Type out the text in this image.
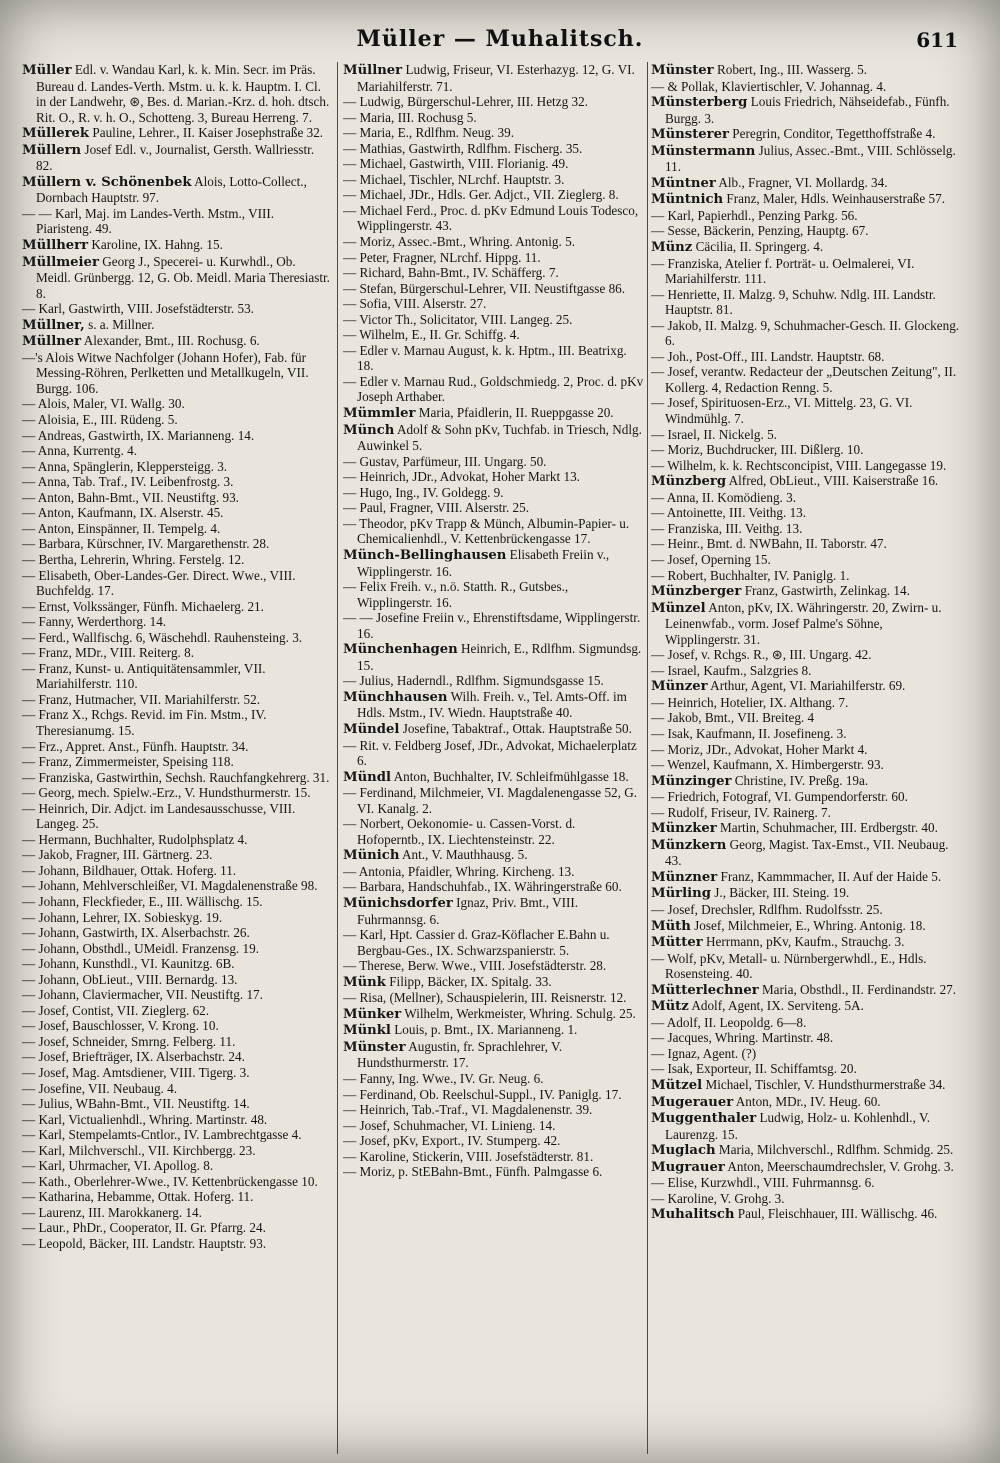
Müller — Muhalitsch.	611
Müller Edl. v. Wandau Karl, k. k. Min. Secr. im Präs. Bureau d. Landes-Verth. Mstm. u. k. k. Hauptm. I. Cl. in der Landwehr, ⊛, Bes. d. Marian.-Krz. d. hoh. dtsch. Rit. O., R. v. h. O., Schotteng. 3, Bureau Herreng. 7.
Müllerek Pauline, Lehrer., II. Kaiser Josephstraße 32.
Müllern Josef Edl. v., Journalist, Gersth. Wallriesstr. 82.
Müllern v. Schönenbek Alois, Lotto-Collect., Dornbach Hauptstr. 97.
— — Karl, Maj. im Landes-Verth. Mstm., VIII. Piaristeng. 49.
Müllherr Karoline, IX. Hahng. 15.
Müllmeier Georg J., Specerei- u. Kurwhdl., Ob. Meidl. Grünbergg. 12, G. Ob. Meidl. Maria Theresiastr. 8.
— Karl, Gastwirth, VIII. Josefstädterstr. 53.
Müllner, s. a. Millner.
Müllner Alexander, Bmt., III. Rochusg. 6.
—'s Alois Witwe Nachfolger (Johann Hofer), Fab. für Messing-Röhren, Perlketten und Metallkugeln, VII. Burgg. 106.
— Alois, Maler, VI. Wallg. 30.
— Aloisia, E., III. Rüdeng. 5.
— Andreas, Gastwirth, IX. Marianneng. 14.
— Anna, Kurrentg. 4.
— Anna, Spänglerin, Kleppersteigg. 3.
— Anna, Tab. Traf., IV. Leibenfrostg. 3.
— Anton, Bahn-Bmt., VII. Neustiftg. 93.
— Anton, Kaufmann, IX. Alserstr. 45.
— Anton, Einspänner, II. Tempelg. 4.
— Barbara, Kürschner, IV. Margarethenstr. 28.
— Bertha, Lehrerin, Whring. Ferstelg. 12.
— Elisabeth, Ober-Landes-Ger. Direct. Wwe., VIII. Buchfeldg. 17.
— Ernst, Volkssänger, Fünfh. Michaelerg. 21.
— Fanny, Werderthorg. 14.
— Ferd., Wallfischg. 6, Wäschehdl. Rauhensteing. 3.
— Franz, MDr., VIII. Reiterg. 8.
— Franz, Kunst- u. Antiquitätensammler, VII. Mariahilferstr. 110.
— Franz, Hutmacher, VII. Mariahilferstr. 52.
— Franz X., Rchgs. Revid. im Fin. Mstm., IV. Theresianumg. 15.
— Frz., Appret. Anst., Fünfh. Hauptstr. 34.
— Franz, Zimmermeister, Speising 118.
— Franziska, Gastwirthin, Sechsh. Rauchfangkehrerg. 31.
— Georg, mech. Spielw.-Erz., V. Hundsthurmerstr. 15.
— Heinrich, Dir. Adjct. im Landesausschusse, VIII. Langeg. 25.
— Hermann, Buchhalter, Rudolphsplatz 4.
— Jakob, Fragner, III. Gärtnerg. 23.
— Johann, Bildhauer, Ottak. Hoferg. 11.
— Johann, Mehlverschleißer, VI. Magdalenenstraße 98.
— Johann, Fleckfieder, E., III. Wällischg. 15.
— Johann, Lehrer, IX. Sobieskyg. 19.
— Johann, Gastwirth, IX. Alserbachstr. 26.
— Johann, Obsthdl., UMeidl. Franzensg. 19.
— Johann, Kunsthdl., VI. Kaunitzg. 6B.
— Johann, ObLieut., VIII. Bernardg. 13.
— Johann, Claviermacher, VII. Neustiftg. 17.
— Josef, Contist, VII. Zieglerg. 62.
— Josef, Bauschlosser, V. Krong. 10.
— Josef, Schneider, Smrng. Felberg. 11.
— Josef, Briefträger, IX. Alserbachstr. 24.
— Josef, Mag. Amtsdiener, VIII. Tigerg. 3.
— Josefine, VII. Neubaug. 4.
— Julius, WBahn-Bmt., VII. Neustiftg. 14.
— Karl, Victualienhdl., Whring. Martinstr. 48.
— Karl, Stempelamts-Cntlor., IV. Lambrechtgasse 4.
— Karl, Milchverschl., VII. Kirchbergg. 23.
— Karl, Uhrmacher, VI. Apollog. 8.
— Kath., Oberlehrer-Wwe., IV. Kettenbrückengasse 10.
— Katharina, Hebamme, Ottak. Hoferg. 11.
— Laurenz, III. Marokkanerg. 14.
— Laur., PhDr., Cooperator, II. Gr. Pfarrg. 24.
— Leopold, Bäcker, III. Landstr. Hauptstr. 93.
Müllner Ludwig, Friseur, VI. Esterhazyg. 12, G. VI. Mariahilferstr. 71.
— Ludwig, Bürgerschul-Lehrer, III. Hetzg 32.
— Maria, III. Rochusg 5.
— Maria, E., Rdlfhm. Neug. 39.
— Mathias, Gastwirth, Rdlfhm. Fischerg. 35.
— Michael, Gastwirth, VIII. Florianig. 49.
— Michael, Tischler, NLrchf. Hauptstr. 3.
— Michael, JDr., Hdls. Ger. Adjct., VII. Zieglerg. 8.
— Michael Ferd., Proc. d. pKv Edmund Louis Todesco, Wipplingerstr. 43.
— Moriz, Assec.-Bmt., Whring. Antonig. 5.
— Peter, Fragner, NLrchf. Hippg. 11.
— Richard, Bahn-Bmt., IV. Schäfferg. 7.
— Stefan, Bürgerschul-Lehrer, VII. Neustiftgasse 86.
— Sofia, VIII. Alserstr. 27.
— Victor Th., Solicitator, VIII. Langeg. 25.
— Wilhelm, E., II. Gr. Schiffg. 4.
— Edler v. Marnau August, k. k. Hptm., III. Beatrixg. 18.
— Edler v. Marnau Rud., Goldschmiedg. 2, Proc. d. pKv Joseph Arthaber.
Mümmler Maria, Pfaidlerin, II. Rueppgasse 20.
Münch Adolf & Sohn pKv, Tuchfab. in Triesch, Ndlg. Auwinkel 5.
— Gustav, Parfümeur, III. Ungarg. 50.
— Heinrich, JDr., Advokat, Hoher Markt 13.
— Hugo, Ing., IV. Goldegg. 9.
— Paul, Fragner, VIII. Alserstr. 25.
— Theodor, pKv Trapp & Münch, Albumin-Papier- u. Chemicalienhdl., V. Kettenbrückengasse 17.
Münch-Bellinghausen Elisabeth Freiin v., Wipplingerstr. 16.
— Felix Freih. v., n.ö. Statth. R., Gutsbes., Wipplingerstr. 16.
— — Josefine Freiin v., Ehrenstiftsdame, Wipplingerstr. 16.
Münchenhagen Heinrich, E., Rdlfhm. Sigmundsg. 15.
— Julius, Haderndl., Rdlfhm. Sigmundsgasse 15.
Münchhausen Wilh. Freih. v., Tel. Amts-Off. im Hdls. Mstm., IV. Wiedn. Hauptstraße 40.
Mündel Josefine, Tabaktraf., Ottak. Hauptstraße 50.
— Rit. v. Feldberg Josef, JDr., Advokat, Michaelerplatz 6.
Mündl Anton, Buchhalter, IV. Schleifmühlgasse 18.
— Ferdinand, Milchmeier, VI. Magdalenengasse 52, G. VI. Kanalg. 2.
— Norbert, Oekonomie- u. Cassen-Vorst. d. Hofoperntb., IX. Liechtensteinstr. 22.
Münich Ant., V. Mauthhausg. 5.
— Antonia, Pfaidler, Whring. Kircheng. 13.
— Barbara, Handschuhfab., IX. Währingerstraße 60.
Münichsdorfer Ignaz, Priv. Bmt., VIII. Fuhrmannsg. 6.
— Karl, Hpt. Cassier d. Graz-Köflacher E.Bahn u. Bergbau-Ges., IX. Schwarzspanierstr. 5.
— Therese, Berw. Wwe., VIII. Josefstädterstr. 28.
Münk Filipp, Bäcker, IX. Spitalg. 33.
— Risa, (Mellner), Schauspielerin, III. Reisnerstr. 12.
Münker Wilhelm, Werkmeister, Whring. Schulg. 25.
Münkl Louis, p. Bmt., IX. Marianneng. 1.
Münster Augustin, fr. Sprachlehrer, V. Hundsthurmerstr. 17.
— Fanny, Ing. Wwe., IV. Gr. Neug. 6.
— Ferdinand, Ob. Reelschul-Suppl., IV. Paniglg. 17.
— Heinrich, Tab.-Traf., VI. Magdalenenstr. 39.
— Josef, Schuhmacher, VI. Linieng. 14.
— Josef, pKv, Export., IV. Stumperg. 42.
— Karoline, Stickerin, VIII. Josefstädterstr. 81.
— Moriz, p. StEBahn-Bmt., Fünfh. Palmgasse 6.
Münster Robert, Ing., III. Wasserg. 5.
— & Pollak, Klaviertischler, V. Johannag. 4.
Münsterberg Louis Friedrich, Nähseidefab., Fünfh. Burgg. 3.
Münsterer Peregrin, Conditor, Tegetthoffstraße 4.
Münstermann Julius, Assec.-Bmt., VIII. Schlösselg. 11.
Müntner Alb., Fragner, VI. Mollardg. 34.
Müntnich Franz, Maler, Hdls. Weinhauserstraße 57.
— Karl, Papierhdl., Penzing Parkg. 56.
— Sesse, Bäckerin, Penzing, Hauptg. 67.
Münz Cäcilia, II. Springerg. 4.
— Franziska, Atelier f. Porträt- u. Oelmalerei, VI. Mariahilferstr. 111.
— Henriette, II. Malzg. 9, Schuhw. Ndlg. III. Landstr. Hauptstr. 81.
— Jakob, II. Malzg. 9, Schuhmacher-Gesch. II. Glockeng. 6.
— Joh., Post-Off., III. Landstr. Hauptstr. 68.
— Josef, verantw. Redacteur der „Deutschen Zeitung", II. Kollerg. 4, Redaction Renng. 5.
— Josef, Spirituosen-Erz., VI. Mittelg. 23, G. VI. Windmühlg. 7.
— Israel, II. Nickelg. 5.
— Moriz, Buchdrucker, III. Dißlerg. 10.
— Wilhelm, k. k. Rechtsconcipist, VIII. Langegasse 19.
Münzberg Alfred, ObLieut., VIII. Kaiserstraße 16.
— Anna, II. Komödieng. 3.
— Antoinette, III. Veithg. 13.
— Franziska, III. Veithg. 13.
— Heinr., Bmt. d. NWBahn, II. Taborstr. 47.
— Josef, Operning 15.
— Robert, Buchhalter, IV. Paniglg. 1.
Münzberger Franz, Gastwirth, Zelinkag. 14.
Münzel Anton, pKv, IX. Währingerstr. 20, Zwirn- u. Leinenwfab., vorm. Josef Palme's Söhne, Wipplingerstr. 31.
— Josef, v. Rchgs. R., ⊛, III. Ungarg. 42.
— Israel, Kaufm., Salzgries 8.
Münzer Arthur, Agent, VI. Mariahilferstr. 69.
— Heinrich, Hotelier, IX. Althang. 7.
— Jakob, Bmt., VII. Breiteg. 4
— Isak, Kaufmann, II. Josefineng. 3.
— Moriz, JDr., Advokat, Hoher Markt 4.
— Wenzel, Kaufmann, X. Himbergerstr. 93.
Münzinger Christine, IV. Preßg. 19a.
— Friedrich, Fotograf, VI. Gumpendorferstr. 60.
— Rudolf, Friseur, IV. Rainerg. 7.
Münzker Martin, Schuhmacher, III. Erdbergstr. 40.
Münzkern Georg, Magist. Tax-Emst., VII. Neubaug. 43.
Münzner Franz, Kammmacher, II. Auf der Haide 5.
Mürling J., Bäcker, III. Steing. 19.
— Josef, Drechsler, Rdlfhm. Rudolfsstr. 25.
Müth Josef, Milchmeier, E., Whring. Antonig. 18.
Mütter Herrmann, pKv, Kaufm., Strauchg. 3.
— Wolf, pKv, Metall- u. Nürnbergerwhdl., E., Hdls. Rosensteing. 40.
Mütterlechner Maria, Obsthdl., II. Ferdinandstr. 27.
Mütz Adolf, Agent, IX. Serviteng. 5A.
— Adolf, II. Leopoldg. 6—8.
— Jacques, Whring. Martinstr. 48.
— Ignaz, Agent. (?)
— Isak, Exporteur, II. Schiffamtsg. 20.
Mützel Michael, Tischler, V. Hundsthurmerstraße 34.
Mugerauer Anton, MDr., IV. Heug. 60.
Muggenthaler Ludwig, Holz- u. Kohlenhdl., V. Laurenzg. 15.
Muglach Maria, Milchverschl., Rdlfhm. Schmidg. 25.
Mugrauer Anton, Meerschaumdrechsler, V. Grohg. 3.
— Elise, Kurzwhdl., VIII. Fuhrmannsg. 6.
— Karoline, V. Grohg. 3.
Muhalitsch Paul, Fleischhauer, III. Wällischg. 46.
